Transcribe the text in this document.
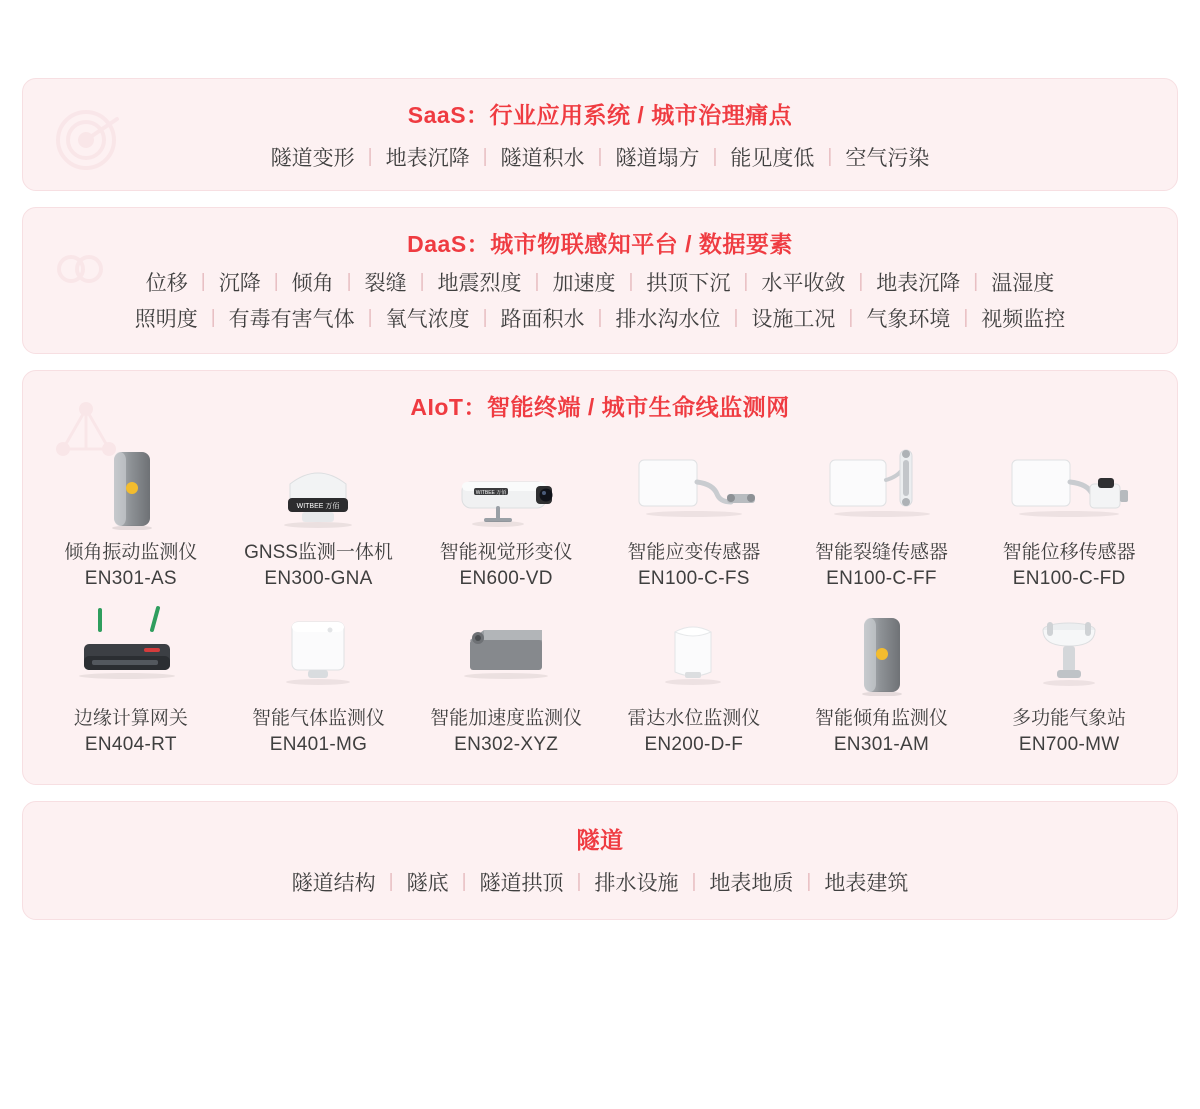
SaaS：行业应用系统 / 城市治理痛点
隧道变形 | 地表沉降 | 隧道积水 | 隧道塌方 | 能见度低 | 空气污染
DaaS：城市物联感知平台 / 数据要素
位移 | 沉降 | 倾角 | 裂缝 | 地震烈度 | 加速度 | 拱顶下沉 | 水平收敛 | 地表沉降 | 温湿度
照明度 | 有毒有害气体 | 氧气浓度 | 路面积水 | 排水沟水位 | 设施工况 | 气象环境 | 视频监控
AIoT：智能终端 / 城市生命线监测网
倾角振动监测仪
EN301-AS
WITBEE 万佰
GNSS监测一体机
EN300-GNA
WITBEE 万佰
智能视觉形变仪
EN600-VD
智能应变传感器
EN100-C-FS
智能裂缝传感器
EN100-C-FF
智能位移传感器
EN100-C-FD
边缘计算网关
EN404-RT
智能气体监测仪
EN401-MG
智能加速度监测仪
EN302-XYZ
雷达水位监测仪
EN200-D-F
智能倾角监测仪
EN301-AM
多功能气象站
EN700-MW
隧道
隧道结构 | 隧底 | 隧道拱顶 | 排水设施 | 地表地质 | 地表建筑
